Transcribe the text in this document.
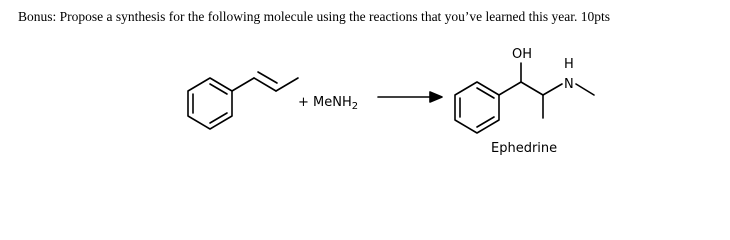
Bonus: Propose a synthesis for the following molecule using the reactions that you’ve learned this year. 10pts
+ MeNH$_2$
OH
H
N
Ephedrine
